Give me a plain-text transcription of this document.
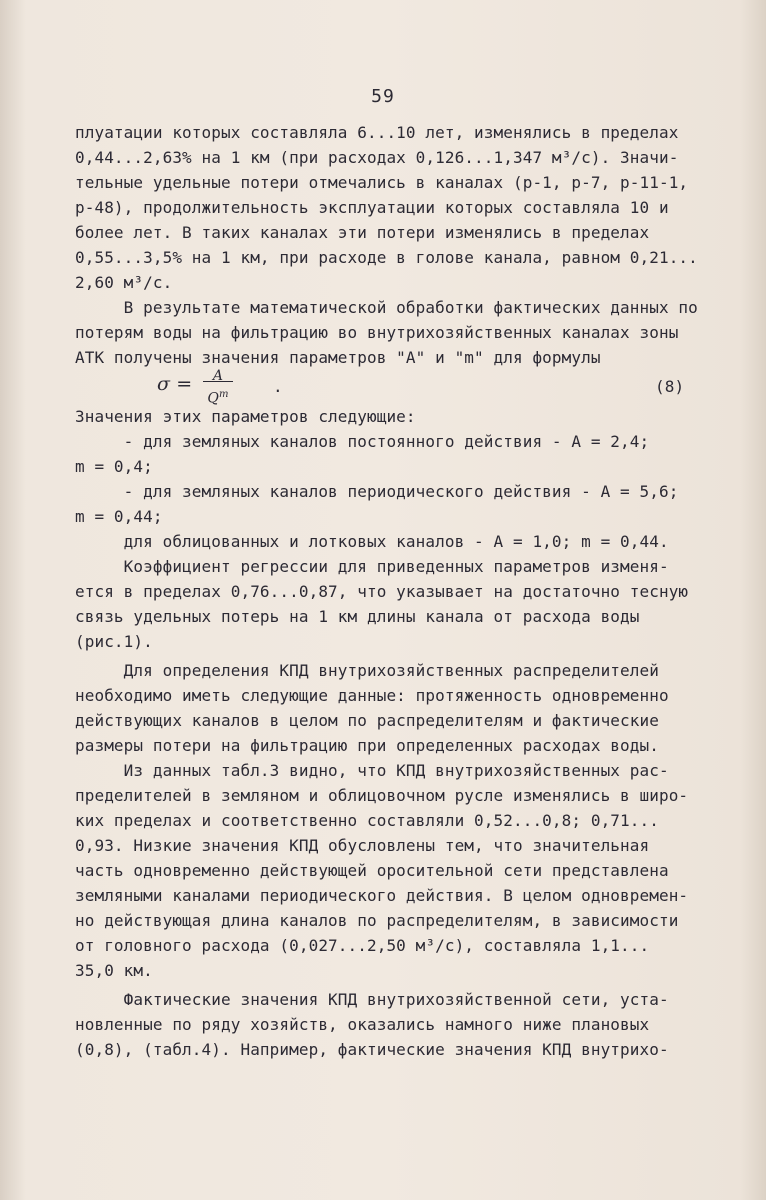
59
плуатации которых составляла 6...10 лет, изменялись в пределах
0,44...2,63% на 1 км (при расходах 0,126...1,347 м³/с). Значи-
тельные удельные потери отмечались в каналах (р-1, р-7, р-11-1,
р-48), продолжительность эксплуатации которых составляла 10 и
более лет. В таких каналах эти потери изменялись в пределах
0,55...3,5% на 1 км, при расходе в голове канала, равном 0,21...
2,60 м³/с.
В результате математической обработки фактических данных по
потерям воды на фильтрацию во внутрихозяйственных каналах зоны
АТК получены значения параметров "А" и "m" для формулы
σ =	A
$Q^m$	.	(8)
Значения этих параметров следующие:
- для земляных каналов постоянного действия - А = 2,4;
m = 0,4;
- для земляных каналов периодического действия - А = 5,6;
m = 0,44;
для облицованных и лотковых каналов - А = 1,0; m = 0,44.
Коэффициент регрессии для приведенных параметров изменя-
ется в пределах 0,76...0,87, что указывает на достаточно тесную
связь удельных потерь на 1 км длины канала от расхода воды
(рис.1).
Для определения КПД внутрихозяйственных распределителей
необходимо иметь следующие данные: протяженность одновременно
действующих каналов в целом по распределителям и фактические
размеры потери на фильтрацию при определенных расходах воды.
Из данных табл.3 видно, что КПД внутрихозяйственных рас-
пределителей в земляном и облицовочном русле изменялись в широ-
ких пределах и соответственно составляли 0,52...0,8; 0,71...
0,93. Низкие значения КПД обусловлены тем, что значительная
часть одновременно действующей оросительной сети представлена
земляными каналами периодического действия. В целом одновремен-
но действующая длина каналов по распределителям, в зависимости
от головного расхода (0,027...2,50 м³/с), составляла 1,1...
35,0 км.
Фактические значения КПД внутрихозяйственной сети, уста-
новленные по ряду хозяйств, оказались намного ниже плановых
(0,8), (табл.4). Например, фактические значения КПД внутрихо-
